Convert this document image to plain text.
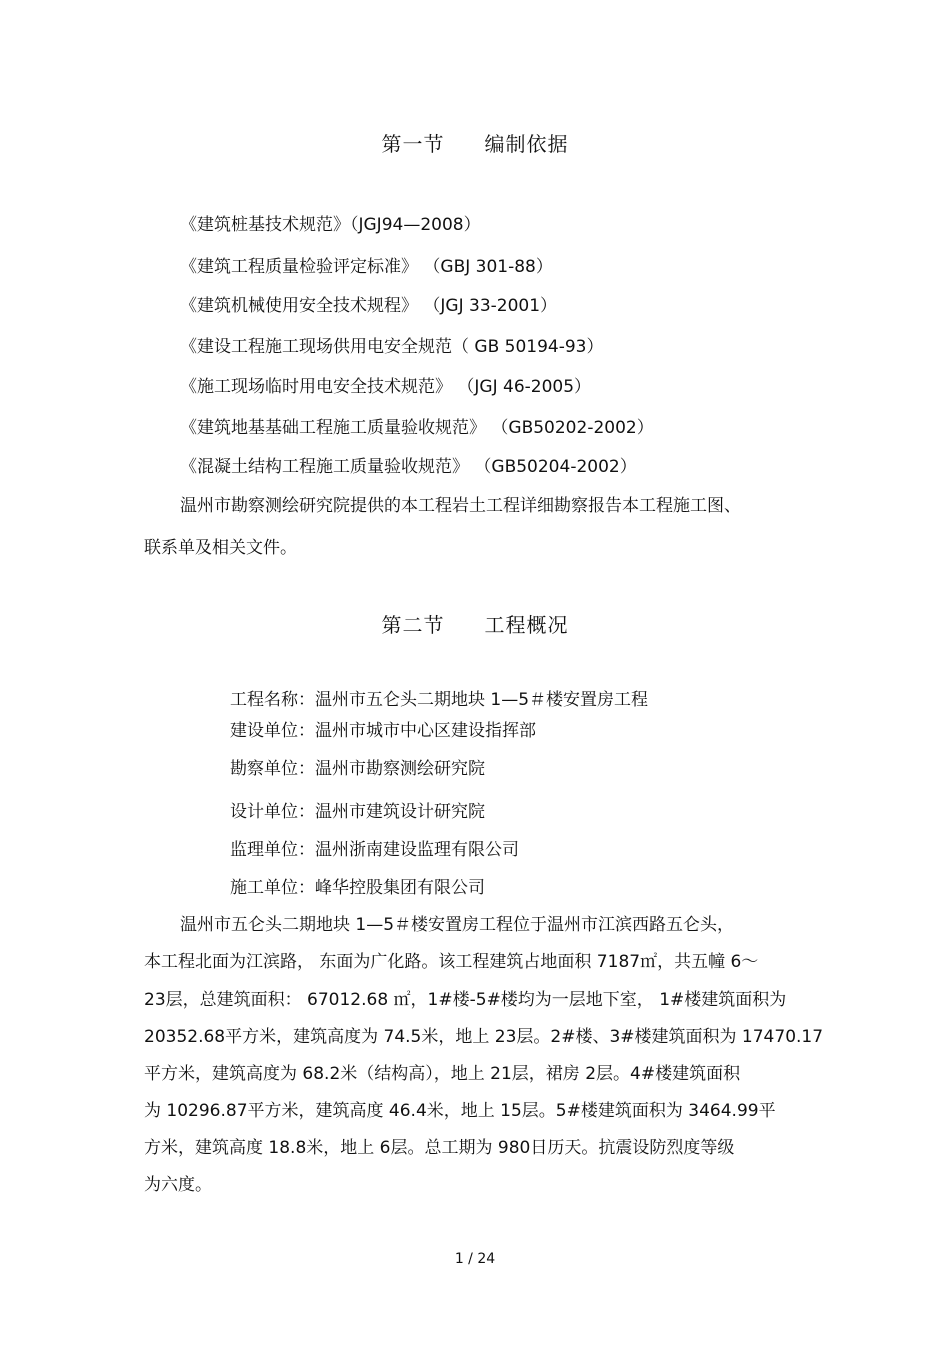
第一节 编制依据
《建筑桩基技术规范》（JGJ94—2008）
《建筑工程质量检验评定标准》 （GBJ 301-88）
《建筑机械使用安全技术规程》 （JGJ 33-2001）
《建设工程施工现场供用电安全规范（ GB 50194-93）
《施工现场临时用电安全技术规范》 （JGJ 46-2005）
《建筑地基基础工程施工质量验收规范》 （GB50202-2002）
《混凝土结构工程施工质量验收规范》 （GB50204-2002）
温州市勘察测绘研究院提供的本工程岩土工程详细勘察报告本工程施工图、
联系单及相关文件。
第二节 工程概况
工程名称：温州市五仑头二期地块 1—5＃楼安置房工程
建设单位：温州市城市中心区建设指挥部
勘察单位：温州市勘察测绘研究院
设计单位：温州市建筑设计研究院
监理单位：温州浙南建设监理有限公司
施工单位：峰华控股集团有限公司
温州市五仑头二期地块 1—5＃楼安置房工程位于温州市江滨西路五仑头，
本工程北面为江滨路， 东面为广化路。该工程建筑占地面积 7187㎡，共五幢 6～
23层，总建筑面积： 67012.68 ㎡，1#楼-5#楼均为一层地下室， 1#楼建筑面积为
20352.68平方米，建筑高度为 74.5米，地上 23层。2#楼、3#楼建筑面积为 17470.17
平方米，建筑高度为 68.2米（结构高），地上 21层，裙房 2层。4#楼建筑面积
为 10296.87平方米，建筑高度 46.4米，地上 15层。5#楼建筑面积为 3464.99平
方米，建筑高度 18.8米，地上 6层。总工期为 980日历天。抗震设防烈度等级
为六度。
1 / 24
